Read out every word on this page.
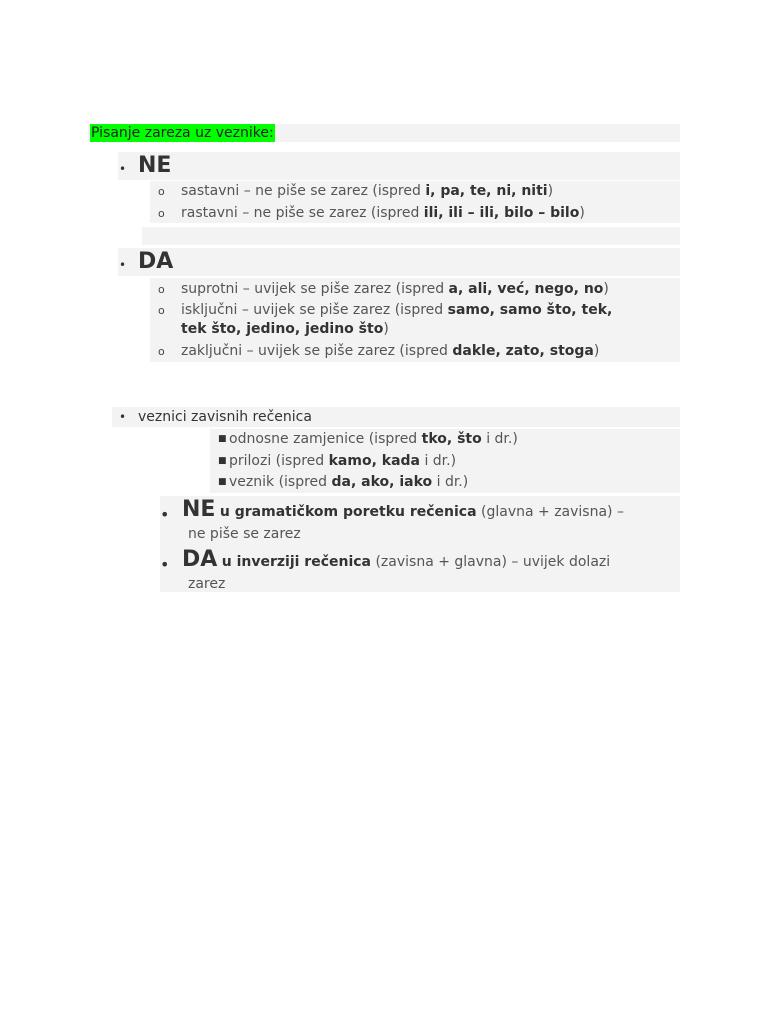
Pisanje zareza uz veznike:
• NE
o sastavni – ne piše se zarez (ispred i, pa, te, ni, niti)
o rastavni – ne piše se zarez (ispred ili, ili – ili, bilo – bilo)
• DA
o suprotni – uvijek se piše zarez (ispred a, ali, već, nego, no)
o isključni – uvijek se piše zarez (ispred samo, samo što, tek,
tek što, jedino, jedino što)
o zaključni – uvijek se piše zarez (ispred dakle, zato, stoga)
• veznici zavisnih rečenica
■ odnosne zamjenice (ispred tko, što i dr.)
■ prilozi (ispred kamo, kada i dr.)
■ veznik (ispred da, ako, iako i dr.)
• NE u gramatičkom poretku rečenica (glavna + zavisna) –
ne piše se zarez
• DA u inverziji rečenica (zavisna + glavna) – uvijek dolazi
zarez
